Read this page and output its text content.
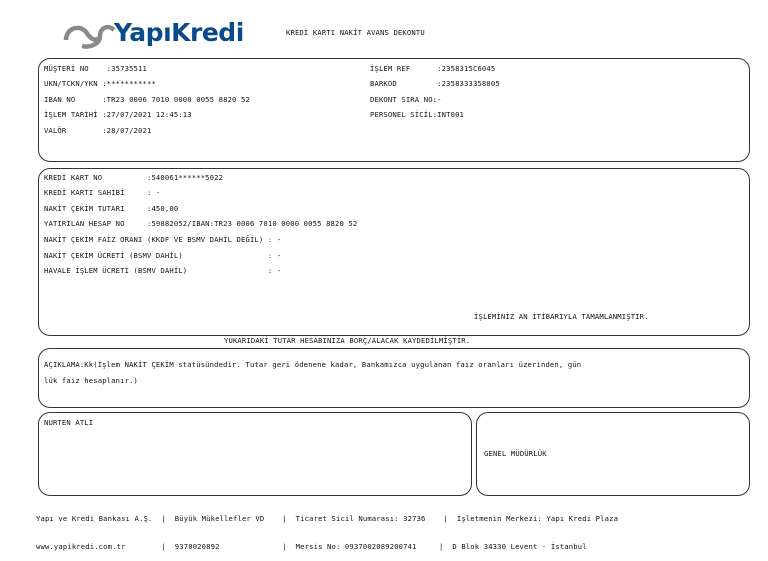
YapıKredi	KREDİ KARTI NAKİT AVANS DEKONTU
MÜŞTERİ NO    :35735511
UKN/TCKN/YKN :***********
IBAN NO      :TR23 0006 7010 0000 0055 8820 52
İŞLEM TARİHİ :27/07/2021 12:45:13
VALÖR        :28/07/2021
İŞLEM REF      :2358315C6045
BARKOD         :2358333358805
DEKONT SIRA NO:-
PERSONEL SİCİL:INT001
KREDİ KART NO          :540061******5022
KREDİ KARTI SAHİBİ     : -
NAKİT ÇEKİM TUTARI     :450,00
YATIRILAN HESAP NO     :59882052/IBAN:TR23 0006 7010 0000 0055 8820 52
NAKİT ÇEKİM FAİZ ORANI (KKDF VE BSMV DAHİL DEĞİL) : -
NAKİT ÇEKİM ÜCRETİ (BSMV DAHİL)                   : -
HAVALE İŞLEM ÜCRETİ (BSMV DAHİL)                  : -
İŞLEMİNİZ AN İTİBARIYLA TAMAMLANMIŞTIR.
YUKARIDAKİ TUTAR HESABINIZA BORÇ/ALACAK KAYDEDİLMİŞTİR.
AÇIKLAMA:Kk(İşlem NAKİT ÇEKİM statüsündedir. Tutar geri ödenene kadar, Bankamızca uygulanan faiz oranları üzerinden, gün
lük faiz hesaplanır.)
NURTEN ATLI
GENEL MÜDÜRLÜK

Yapı ve Kredi Bankası A.Ş.  |  Büyük Mükellefler VD    |  Ticaret Sicil Numarası: 32736    |  İşletmenin Merkezi: Yapı Kredi Plaza

www.yapikredi.com.tr        |  9370020892              |  Mersis No: 0937002089200741     |  D Blok 34330 Levent - İstanbul
